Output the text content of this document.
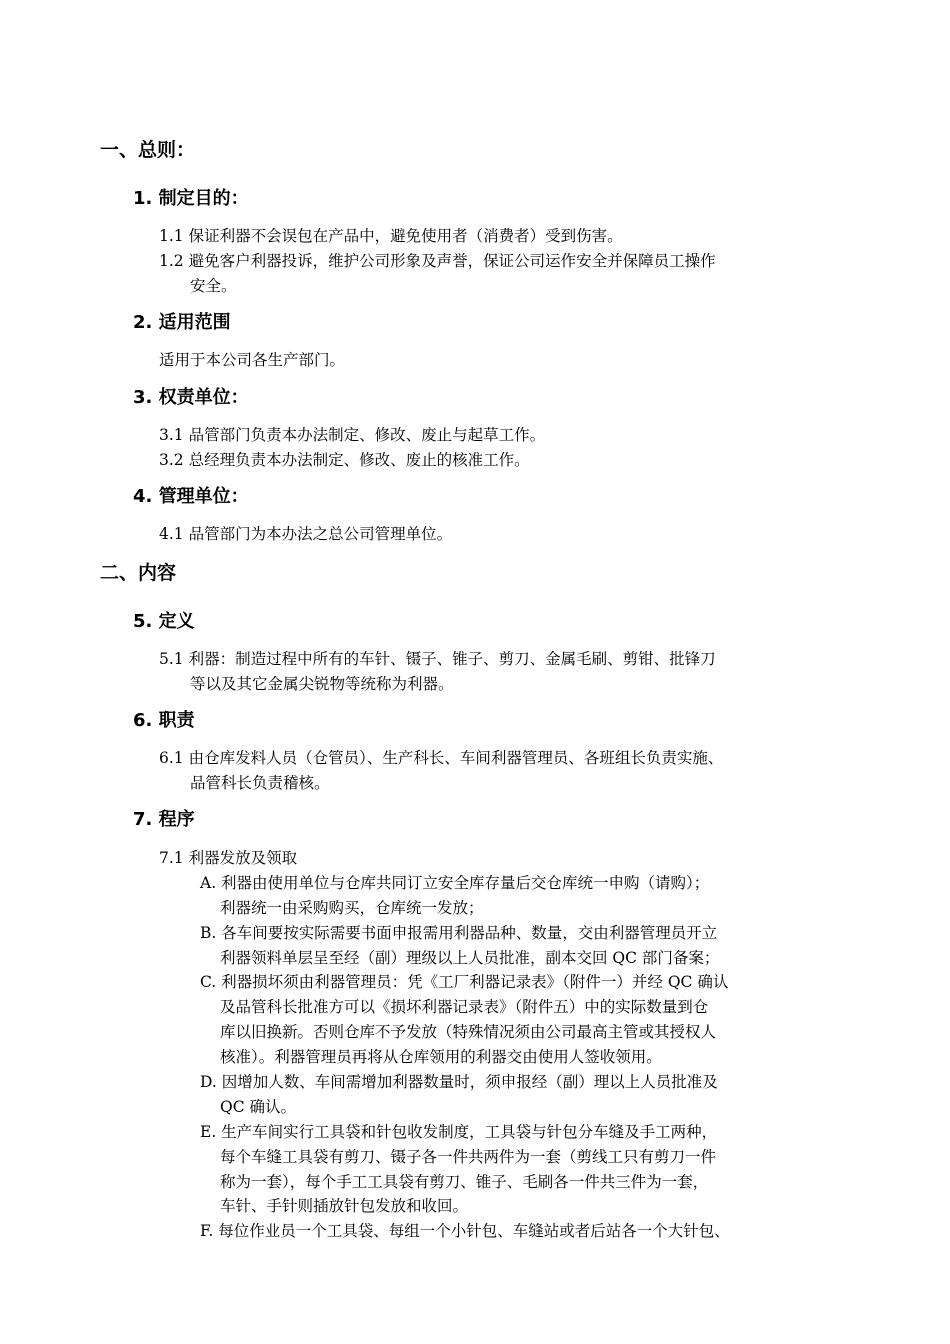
一、总则：
1. 制定目的：
1.1 保证利器不会误包在产品中，避免使用者（消费者）受到伤害。
1.2 避免客户利器投诉，维护公司形象及声誉，保证公司运作安全并保障员工操作
安全。
2. 适用范围
适用于本公司各生产部门。
3. 权责单位：
3.1 品管部门负责本办法制定、修改、废止与起草工作。
3.2 总经理负责本办法制定、修改、废止的核准工作。
4. 管理单位：
4.1 品管部门为本办法之总公司管理单位。
二、内容
5. 定义
5.1 利器：制造过程中所有的车针、镊子、锥子、剪刀、金属毛刷、剪钳、批锋刀
等以及其它金属尖锐物等统称为利器。
6. 职责
6.1 由仓库发料人员（仓管员）、生产科长、车间利器管理员、各班组长负责实施、
品管科长负责稽核。
7. 程序
7.1 利器发放及领取
A. 利器由使用单位与仓库共同订立安全库存量后交仓库统一申购（请购）；
利器统一由采购购买，仓库统一发放；
B. 各车间要按实际需要书面申报需用利器品种、数量，交由利器管理员开立
利器领料单层呈至经（副）理级以上人员批准，副本交回 QC 部门备案；
C. 利器损坏须由利器管理员：凭《工厂利器记录表》（附件一）并经 QC 确认
及品管科长批准方可以《损坏利器记录表》（附件五）中的实际数量到仓
库以旧换新。否则仓库不予发放（特殊情况须由公司最高主管或其授权人
核准）。利器管理员再将从仓库领用的利器交由使用人签收领用。
D. 因增加人数、车间需增加利器数量时，须申报经（副）理以上人员批准及
QC 确认。
E. 生产车间实行工具袋和针包收发制度，工具袋与针包分车缝及手工两种，
每个车缝工具袋有剪刀、镊子各一件共两件为一套（剪线工只有剪刀一件
称为一套），每个手工工具袋有剪刀、锥子、毛刷各一件共三件为一套，
车针、手针则插放针包发放和收回。
F. 每位作业员一个工具袋、每组一个小针包、车缝站或者后站各一个大针包、
